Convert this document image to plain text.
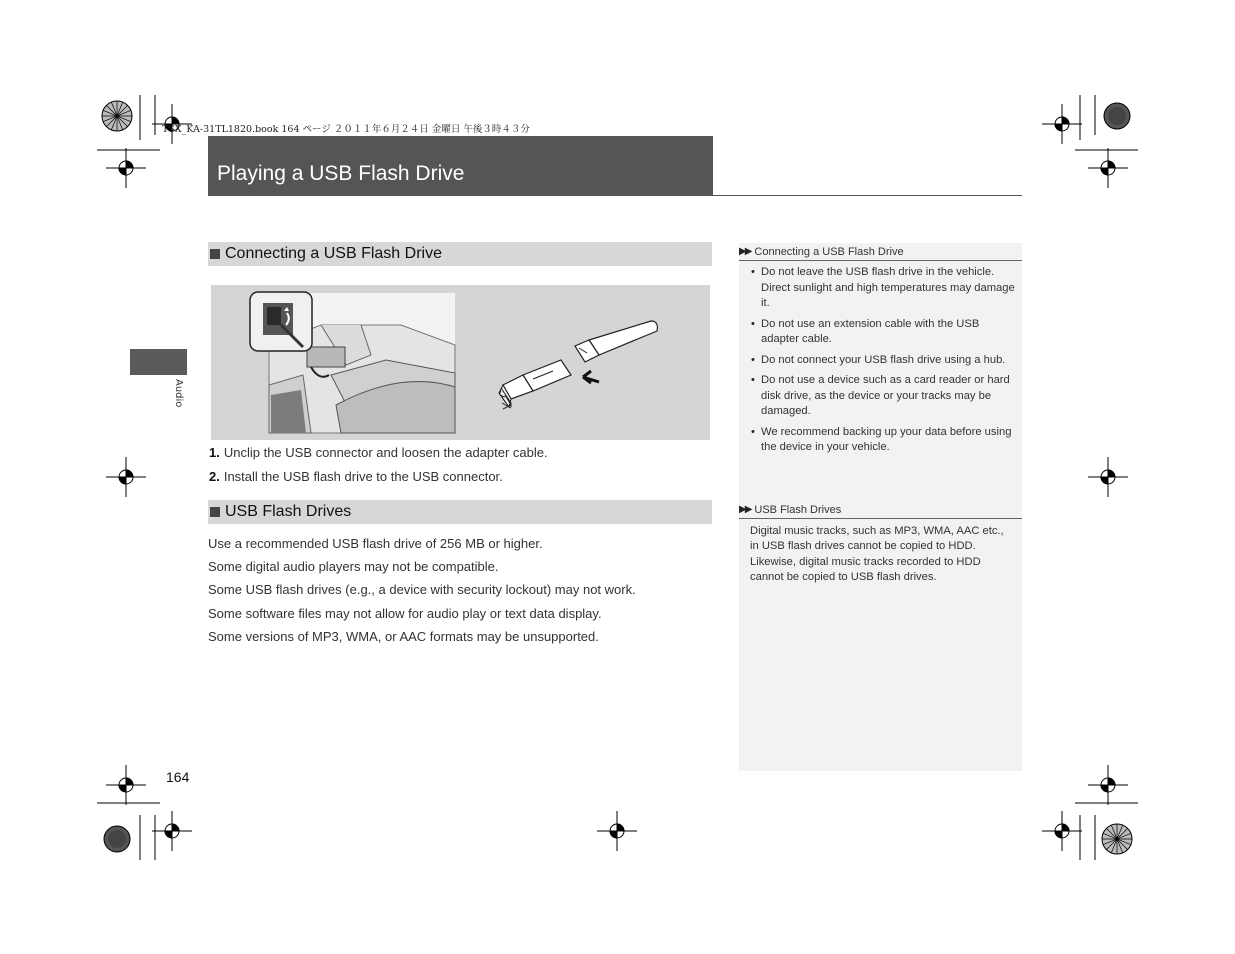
TSX_KA-31TL1820.book 164 ページ ２０１１年６月２４日 金曜日 午後３時４３分
Playing a USB Flash Drive
Audio
Connecting a USB Flash Drive
1. Unclip the USB connector and loosen the adapter cable.
2. Install the USB flash drive to the USB connector.
USB Flash Drives
Use a recommended USB flash drive of 256 MB or higher.
Some digital audio players may not be compatible.
Some USB flash drives (e.g., a device with security lockout) may not work.
Some software files may not allow for audio play or text data display.
Some versions of MP3, WMA, or AAC formats may be unsupported.
164
▶▶ Connecting a USB Flash Drive
• Do not leave the USB flash drive in the vehicle. Direct sunlight and high temperatures may damage it.
• Do not use an extension cable with the USB adapter cable.
• Do not connect your USB flash drive using a hub.
• Do not use a device such as a card reader or hard disk drive, as the device or your tracks may be damaged.
• We recommend backing up your data before using the device in your vehicle.
▶▶ USB Flash Drives
Digital music tracks, such as MP3, WMA, AAC etc., in USB flash drives cannot be copied to HDD. Likewise, digital music tracks recorded to HDD cannot be copied to USB flash drives.
